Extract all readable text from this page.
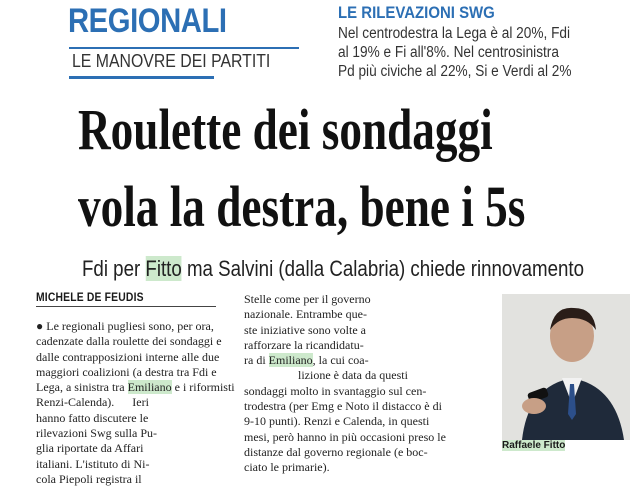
REGIONALI
LE MANOVRE DEI PARTITI
LE RILEVAZIONI SWG
Nel centrodestra la Lega è al 20%, Fdi
al 19% e Fi all'8%. Nel centrosinistra
Pd più civiche al 22%, Si e Verdi al 2%
Roulette dei sondaggi
vola la destra, bene i 5s
Fdi per Fitto ma Salvini (dalla Calabria) chiede rinnovamento
MICHELE DE FEUDIS
● Le regionali pugliesi sono, per ora,
cadenzate dalla roulette dei sondaggi e
dalle contrapposizioni interne alle due
maggiori coalizioni (a destra tra Fdi e
Lega, a sinistra tra Emiliano e i riformisti
Renzi-Calenda).      Ieri
hanno fatto discutere le
rilevazioni Swg sulla Pu-
glia riportate da Affari
italiani. L'istituto di Ni-
cola Piepoli registra il
Stelle come per il governo
nazionale. Entrambe que-
ste iniziative sono volte a
rafforzare la ricandidatu-
ra di Emiliano, la cui coa-
lizione è data da questi
sondaggi molto in svantaggio sul cen-
trodestra (per Emg e Noto il distacco è di
9-10 punti). Renzi e Calenda, in questi
mesi, però hanno in più occasioni preso le
distanze dal governo regionale (e boc-
ciato le primarie).
Raffaele Fitto
